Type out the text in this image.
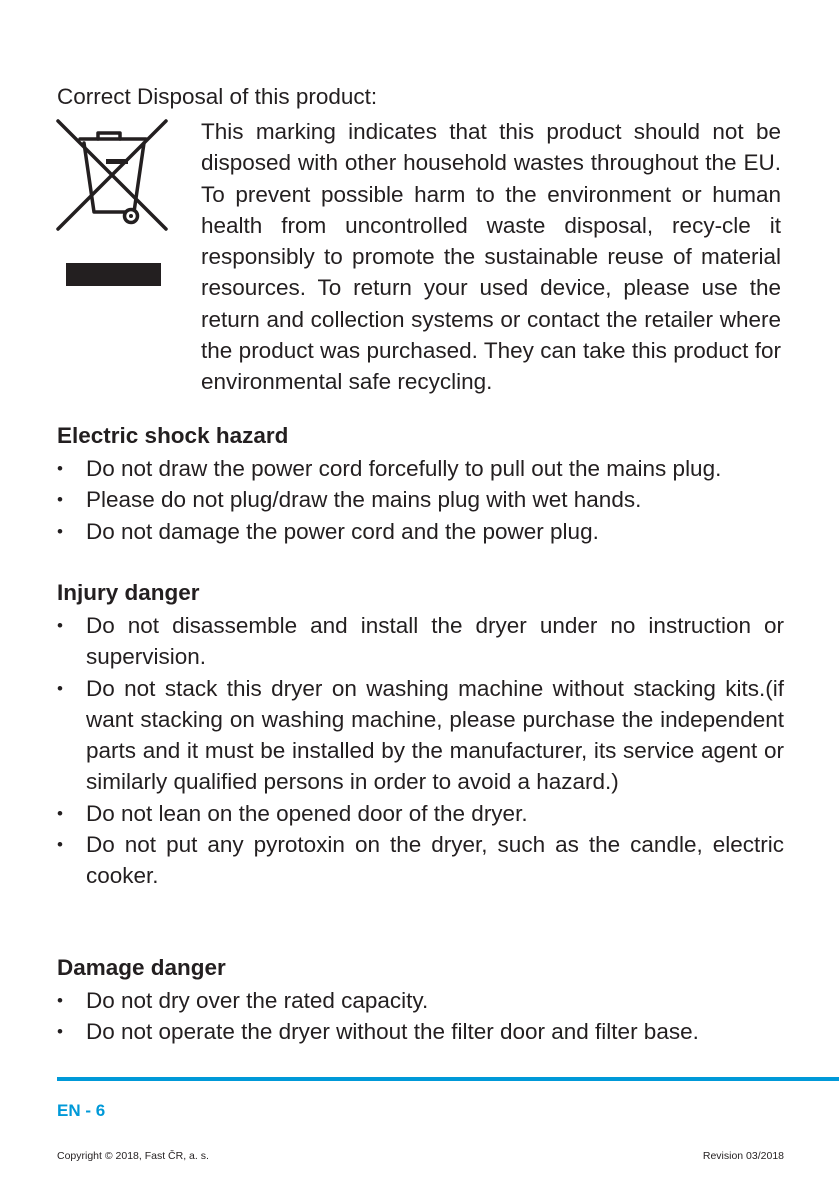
Correct Disposal of this product:

This marking indicates that this product should not be disposed with other household wastes throughout the EU. To prevent possible harm to the environment or human health from uncontrolled waste disposal, recy-cle it responsibly to promote the sustainable reuse of material resources. To return your used device, please use the return and collection systems or contact the retailer where the product was purchased. They can take this product for environmental safe recycling.

Electric shock hazard
• Do not draw the power cord forcefully to pull out the mains plug.
• Please do not plug/draw the mains plug with wet hands.
• Do not damage the power cord and the power plug.
Injury danger
• Do not disassemble and install the dryer under no instruction or supervision.
• Do not stack this dryer on washing machine without stacking kits.(if want stacking on washing machine, please purchase the independent parts and it must be installed by the manufacturer, its service agent or similarly qualified persons in order to avoid a hazard.)
• Do not lean on the opened door of the dryer.
• Do not put any pyrotoxin on the dryer, such as the candle, electric cooker.
Damage danger
• Do not dry over the rated capacity.
• Do not operate the dryer without the filter door and filter base.
EN - 6
Copyright © 2018, Fast ČR, a. s.	Revision 03/2018
